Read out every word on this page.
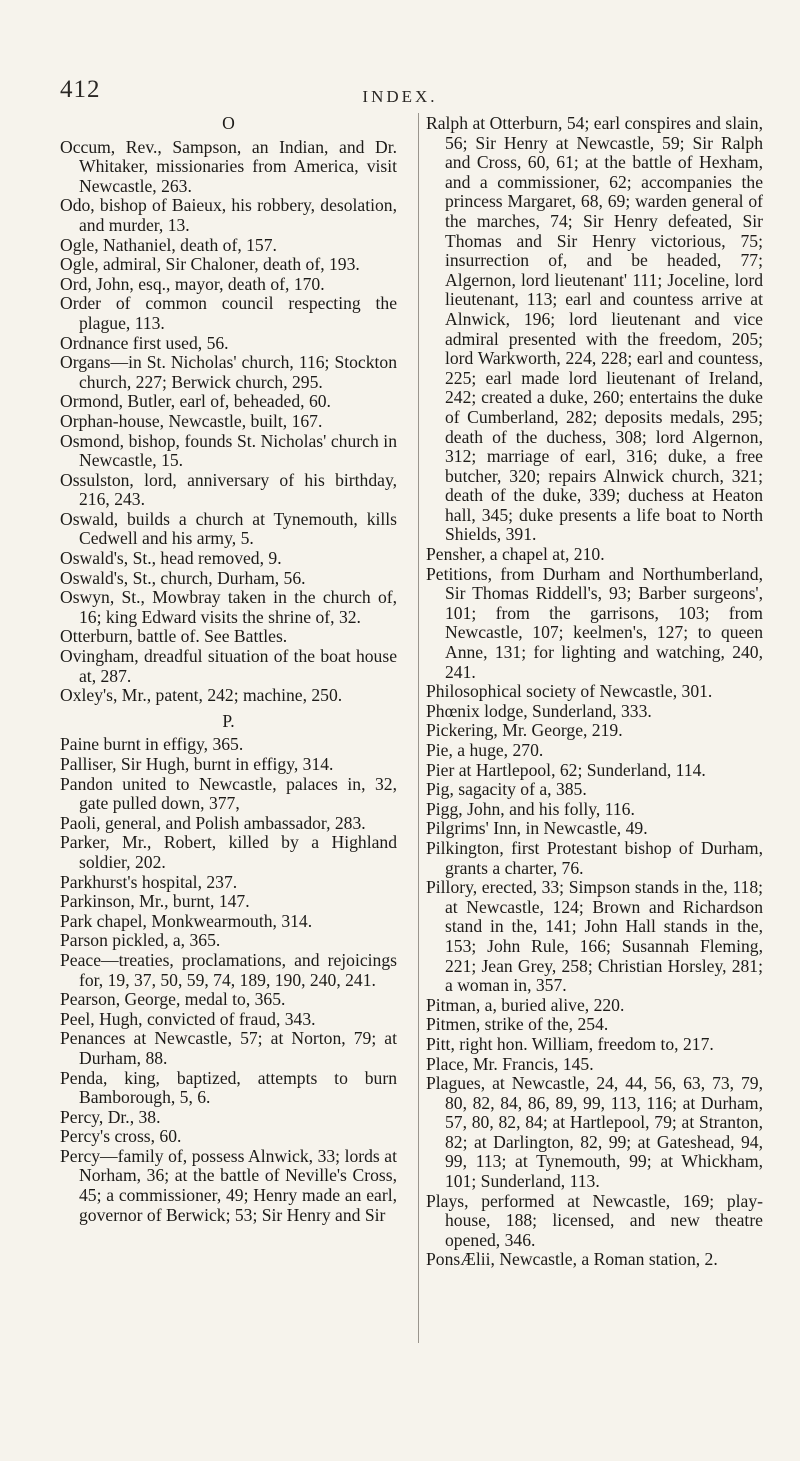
412	INDEX.
O

Occum, Rev., Sampson, an Indian, and Dr. Whitaker, missionaries from America, visit Newcastle, 263.

Odo, bishop of Baieux, his robbery, desolation, and murder, 13.

Ogle, Nathaniel, death of, 157.

Ogle, admiral, Sir Chaloner, death of, 193.

Ord, John, esq., mayor, death of, 170.

Order of common council respecting the plague, 113.

Ordnance first used, 56.

Organs—in St. Nicholas' church, 116; Stockton church, 227; Berwick church, 295.

Ormond, Butler, earl of, beheaded, 60.

Orphan-house, Newcastle, built, 167.

Osmond, bishop, founds St. Nicholas' church in Newcastle, 15.

Ossulston, lord, anniversary of his birthday, 216, 243.

Oswald, builds a church at Tynemouth, kills Cedwell and his army, 5.

Oswald's, St., head removed, 9.

Oswald's, St., church, Durham, 56.

Oswyn, St., Mowbray taken in the church of, 16; king Edward visits the shrine of, 32.

Otterburn, battle of. See Battles.

Ovingham, dreadful situation of the boat house at, 287.

Oxley's, Mr., patent, 242; machine, 250.

P.

Paine burnt in effigy, 365.

Palliser, Sir Hugh, burnt in effigy, 314.

Pandon united to Newcastle, palaces in, 32, gate pulled down, 377,

Paoli, general, and Polish ambassador, 283.

Parker, Mr., Robert, killed by a Highland soldier, 202.

Parkhurst's hospital, 237.

Parkinson, Mr., burnt, 147.

Park chapel, Monkwearmouth, 314.

Parson pickled, a, 365.

Peace—treaties, proclamations, and rejoicings for, 19, 37, 50, 59, 74, 189, 190, 240, 241.

Pearson, George, medal to, 365.

Peel, Hugh, convicted of fraud, 343.

Penances at Newcastle, 57; at Norton, 79; at Durham, 88.

Penda, king, baptized, attempts to burn Bamborough, 5, 6.

Percy, Dr., 38.

Percy's cross, 60.

Percy—family of, possess Alnwick, 33; lords at Norham, 36; at the battle of Neville's Cross, 45; a commissioner, 49; Henry made an earl, governor of Berwick; 53; Sir Henry and Sir

Ralph at Otterburn, 54; earl conspires and slain, 56; Sir Henry at Newcastle, 59; Sir Ralph and Cross, 60, 61; at the battle of Hexham, and a commissioner, 62; accompanies the princess Margaret, 68, 69; warden general of the marches, 74; Sir Henry defeated, Sir Thomas and Sir Henry victorious, 75; insurrection of, and be headed, 77; Algernon, lord lieutenant' 111; Joceline, lord lieutenant, 113; earl and countess arrive at Alnwick, 196; lord lieutenant and vice admiral presented with the freedom, 205; lord Warkworth, 224, 228; earl and countess, 225; earl made lord lieutenant of Ireland, 242; created a duke, 260; entertains the duke of Cumberland, 282; deposits medals, 295; death of the duchess, 308; lord Algernon, 312; marriage of earl, 316; duke, a free butcher, 320; repairs Alnwick church, 321; death of the duke, 339; duchess at Heaton hall, 345; duke presents a life boat to North Shields, 391.

Pensher, a chapel at, 210.

Petitions, from Durham and Northumberland, Sir Thomas Riddell's, 93; Barber surgeons', 101; from the garrisons, 103; from Newcastle, 107; keelmen's, 127; to queen Anne, 131; for lighting and watching, 240, 241.

Philosophical society of Newcastle, 301.

Phœnix lodge, Sunderland, 333.

Pickering, Mr. George, 219.

Pie, a huge, 270.

Pier at Hartlepool, 62; Sunderland, 114.

Pig, sagacity of a, 385.

Pigg, John, and his folly, 116.

Pilgrims' Inn, in Newcastle, 49.

Pilkington, first Protestant bishop of Durham, grants a charter, 76.

Pillory, erected, 33; Simpson stands in the, 118; at Newcastle, 124; Brown and Richardson stand in the, 141; John Hall stands in the, 153; John Rule, 166; Susannah Fleming, 221; Jean Grey, 258; Christian Horsley, 281; a woman in, 357.

Pitman, a, buried alive, 220.

Pitmen, strike of the, 254.

Pitt, right hon. William, freedom to, 217.

Place, Mr. Francis, 145.

Plagues, at Newcastle, 24, 44, 56, 63, 73, 79, 80, 82, 84, 86, 89, 99, 113, 116; at Durham, 57, 80, 82, 84; at Hartlepool, 79; at Stranton, 82; at Darlington, 82, 99; at Gateshead, 94, 99, 113; at Tynemouth, 99; at Whickham, 101; Sunderland, 113.

Plays, performed at Newcastle, 169; play-house, 188; licensed, and new theatre opened, 346.

PonsÆlii, Newcastle, a Roman station, 2.
